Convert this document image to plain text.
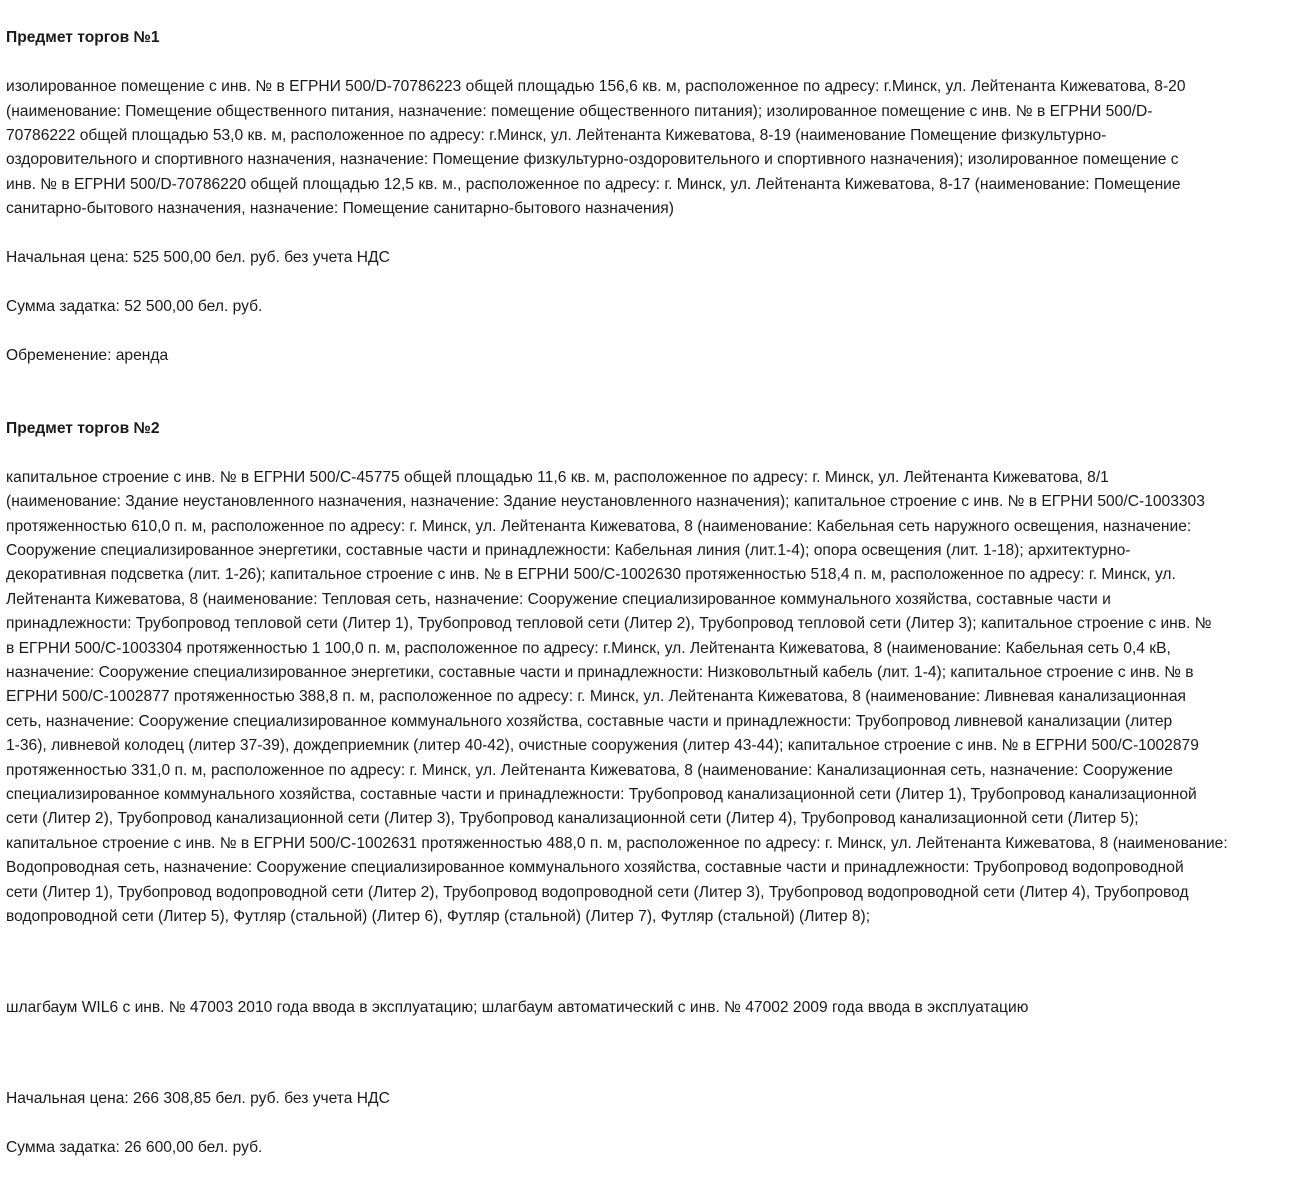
Предмет торгов №1

изолированное помещение с инв. № в ЕГРНИ 500/D-70786223 общей площадью 156,6 кв. м, расположенное по адресу: г.Минск, ул. Лейтенанта Кижеватова, 8-20
(наименование: Помещение общественного питания, назначение: помещение общественного питания); изолированное помещение с инв. № в ЕГРНИ 500/D-
70786222 общей площадью 53,0 кв. м, расположенное по адресу: г.Минск, ул. Лейтенанта Кижеватова, 8-19 (наименование Помещение физкультурно-
оздоровительного и спортивного назначения, назначение: Помещение физкультурно-оздоровительного и спортивного назначения); изолированное помещение с
инв. № в ЕГРНИ 500/D-70786220 общей площадью 12,5 кв. м., расположенное по адресу: г. Минск, ул. Лейтенанта Кижеватова, 8-17 (наименование: Помещение
санитарно-бытового назначения, назначение: Помещение санитарно-бытового назначения)

Начальная цена: 525 500,00 бел. руб. без учета НДС

Сумма задатка: 52 500,00 бел. руб.

Обременение: аренда

Предмет торгов №2

капитальное строение с инв. № в ЕГРНИ 500/С-45775 общей площадью 11,6 кв. м, расположенное по адресу: г. Минск, ул. Лейтенанта Кижеватова, 8/1
(наименование: Здание неустановленного назначения, назначение: Здание неустановленного назначения); капитальное строение с инв. № в ЕГРНИ 500/С-1003303
протяженностью 610,0 п. м, расположенное по адресу: г. Минск, ул. Лейтенанта Кижеватова, 8 (наименование: Кабельная сеть наружного освещения, назначение:
Сооружение специализированное энергетики, составные части и принадлежности: Кабельная линия (лит.1-4); опора освещения (лит. 1-18); архитектурно-
декоративная подсветка (лит. 1-26); капитальное строение с инв. № в ЕГРНИ 500/С-1002630 протяженностью 518,4 п. м, расположенное по адресу: г. Минск, ул.
Лейтенанта Кижеватова, 8 (наименование: Тепловая сеть, назначение: Сооружение специализированное коммунального хозяйства, составные части и
принадлежности: Трубопровод тепловой сети (Литер 1), Трубопровод тепловой сети (Литер 2), Трубопровод тепловой сети (Литер 3); капитальное строение с инв. №
в ЕГРНИ 500/С-1003304 протяженностью 1 100,0 п. м, расположенное по адресу: г.Минск, ул. Лейтенанта Кижеватова, 8 (наименование: Кабельная сеть 0,4 кВ,
назначение: Сооружение специализированное энергетики, составные части и принадлежности: Низковольтный кабель (лит. 1-4); капитальное строение с инв. № в
ЕГРНИ 500/С-1002877 протяженностью 388,8 п. м, расположенное по адресу: г. Минск, ул. Лейтенанта Кижеватова, 8 (наименование: Ливневая канализационная
сеть, назначение: Сооружение специализированное коммунального хозяйства, составные части и принадлежности: Трубопровод ливневой канализации (литер
1-36), ливневой колодец (литер 37-39), дождеприемник (литер 40-42), очистные сооружения (литер 43-44); капитальное строение с инв. № в ЕГРНИ 500/С-1002879
протяженностью 331,0 п. м, расположенное по адресу: г. Минск, ул. Лейтенанта Кижеватова, 8 (наименование: Канализационная сеть, назначение: Сооружение
специализированное коммунального хозяйства, составные части и принадлежности: Трубопровод канализационной сети (Литер 1), Трубопровод канализационной
сети (Литер 2), Трубопровод канализационной сети (Литер 3), Трубопровод канализационной сети (Литер 4), Трубопровод канализационной сети (Литер 5);
капитальное строение с инв. № в ЕГРНИ 500/С-1002631 протяженностью 488,0 п. м, расположенное по адресу: г. Минск, ул. Лейтенанта Кижеватова, 8 (наименование:
Водопроводная сеть, назначение: Сооружение специализированное коммунального хозяйства, составные части и принадлежности: Трубопровод водопроводной
сети (Литер 1), Трубопровод водопроводной сети (Литер 2), Трубопровод водопроводной сети (Литер 3), Трубопровод водопроводной сети (Литер 4), Трубопровод
водопроводной сети (Литер 5), Футляр (стальной) (Литер 6), Футляр (стальной) (Литер 7), Футляр (стальной) (Литер 8);

шлагбаум WIL6 с инв. № 47003 2010 года ввода в эксплуатацию; шлагбаум автоматический с инв. № 47002 2009 года ввода в эксплуатацию

Начальная цена: 266 308,85 бел. руб. без учета НДС

Сумма задатка: 26 600,00 бел. руб.
